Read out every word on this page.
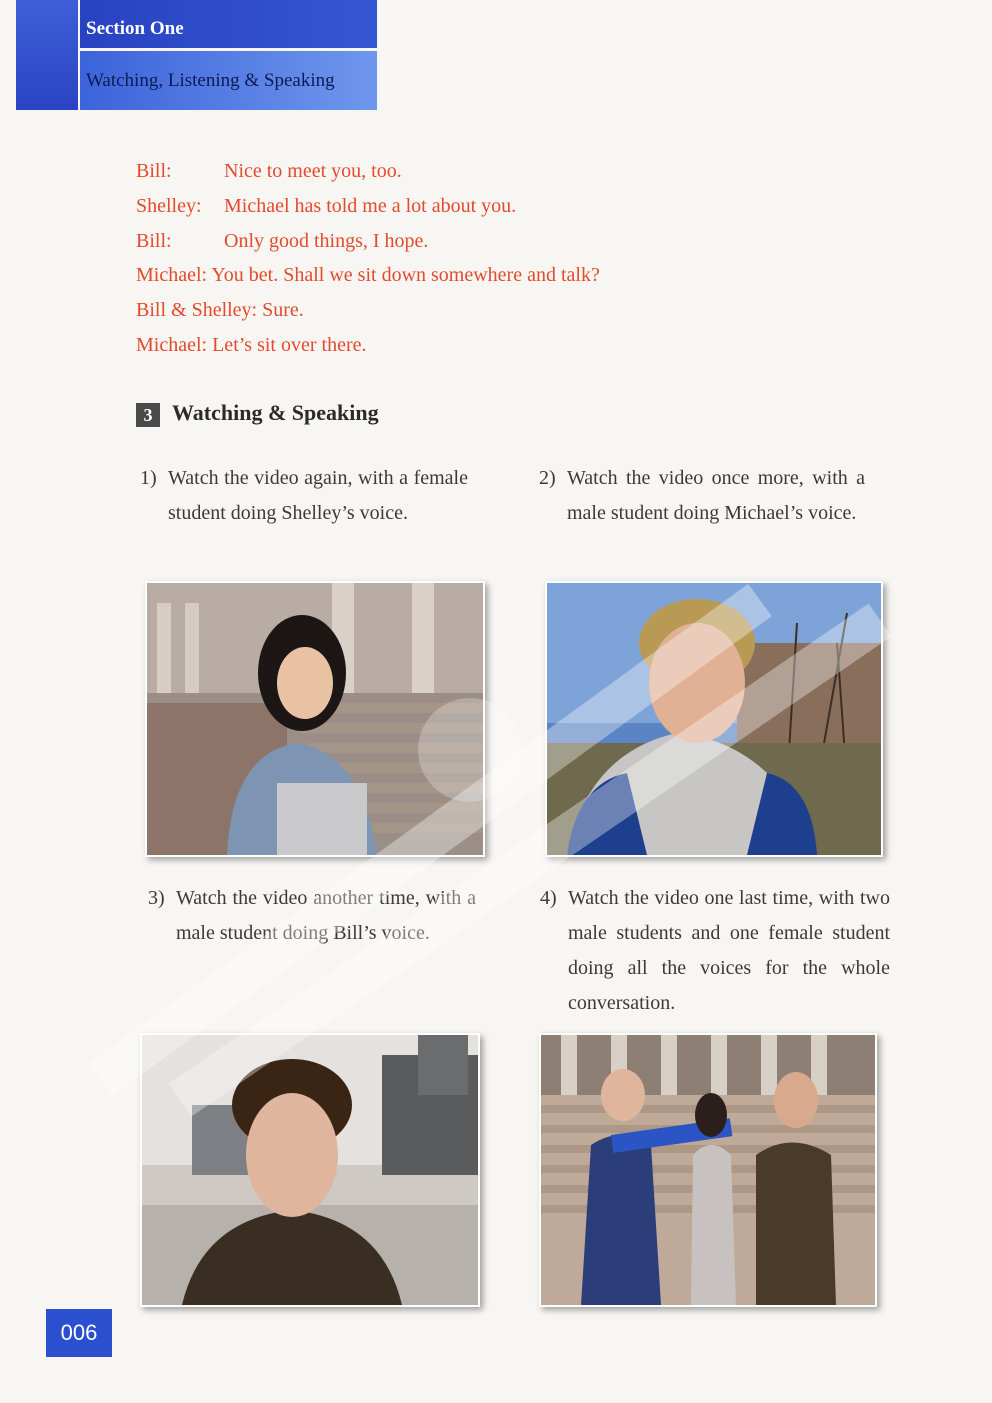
Section One
Watching, Listening & Speaking
Bill:	Nice to meet you, too.
Shelley: Michael has told me a lot about you.
Bill:	Only good things, I hope.
Michael: You bet. Shall we sit down somewhere and talk?
Bill & Shelley: Sure.
Michael: Let’s sit over there.
3 Watching & Speaking
1) Watch the video again, with a female student doing Shelley’s voice.
2) Watch the video once more, with a male student doing Michael’s voice.
3) Watch the video another time, with a male student doing Bill’s voice.
4) Watch the video one last time, with two male students and one female student doing all the voices for the whole conversation.
006
